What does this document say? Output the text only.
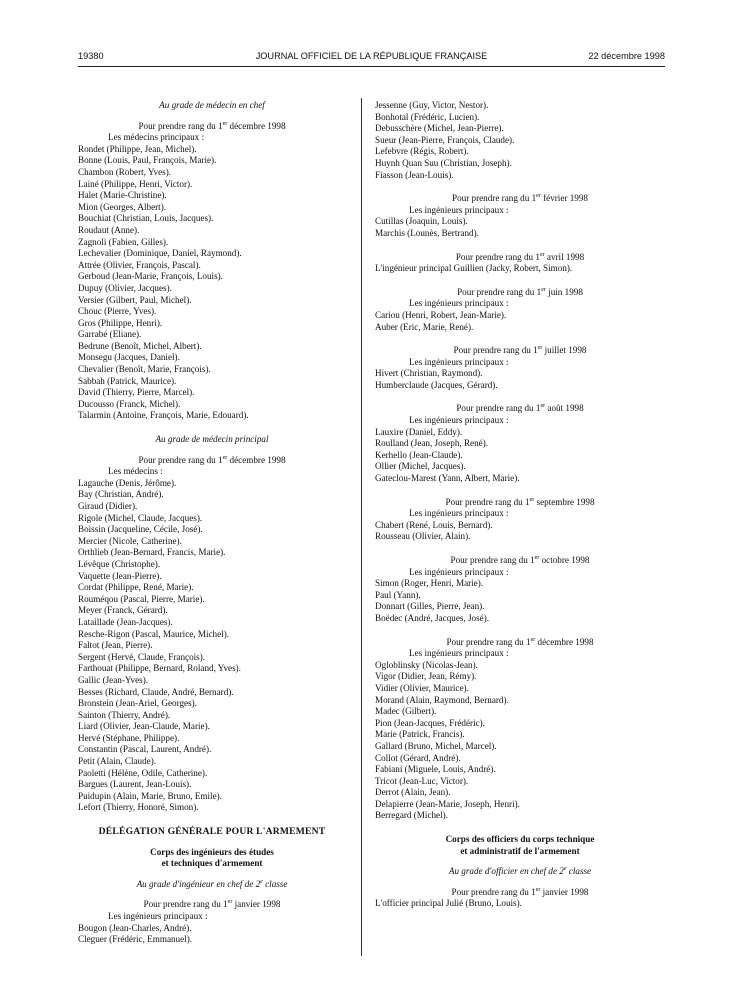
19380	JOURNAL OFFICIEL DE LA RÉPUBLIQUE FRANÇAISE	22 décembre 1998
Au grade de médecin en chef
Pour prendre rang du 1er décembre 1998
Les médecins principaux :
Rondet (Philippe, Jean, Michel).
Bonne (Louis, Paul, François, Marie).
Chambon (Robert, Yves).
Lainé (Philippe, Henri, Victor).
Halet (Marie-Christine).
Mion (Georges, Albert).
Bouchiat (Christian, Louis, Jacques).
Roudaut (Anne).
Zagnoli (Fabien, Gilles).
Lechevalier (Dominique, Daniel, Raymond).
Attrée (Olivier, François, Pascal).
Gerboud (Jean-Marie, François, Louis).
Dupuy (Olivier, Jacques).
Versier (Gilbert, Paul, Michel).
Chouc (Pierre, Yves).
Gros (Philippe, Henri).
Garrabé (Eliane).
Bedrune (Benoît, Michel, Albert).
Monsegu (Jacques, Daniel).
Chevalier (Benoît, Marie, François).
Sabbah (Patrick, Maurice).
David (Thierry, Pierre, Marcel).
Ducousso (Franck, Michel).
Talarmin (Antoine, François, Marie, Edouard).
Au grade de médecin principal
Pour prendre rang du 1er décembre 1998
Les médecins :
Lagauche (Denis, Jérôme).
Bay (Christian, André).
Giraud (Didier).
Rigole (Michel, Claude, Jacques).
Boissin (Jacqueline, Cécile, José).
Mercier (Nicole, Catherine).
Orthlieb (Jean-Bernard, Francis, Marie).
Lévêque (Christophe).
Vaquette (Jean-Pierre).
Cordat (Philippe, René, Marie).
Rouméqou (Pascal, Pierre, Marie).
Meyer (Franck, Gérard).
Lataillade (Jean-Jacques).
Resche-Rigon (Pascal, Maurice, Michel).
Faltot (Jean, Pierre).
Sergent (Hervé, Claude, François).
Farthouat (Philippe, Bernard, Roland, Yves).
Gallic (Jean-Yves).
Besses (Richard, Claude, André, Bernard).
Bronstein (Jean-Ariel, Georges).
Sainton (Thierry, André).
Liard (Olivier, Jean-Claude, Marie).
Hervé (Stéphane, Philippe).
Constantin (Pascal, Laurent, André).
Petit (Alain, Claude).
Paoletti (Hélène, Odile, Catherine).
Bargues (Laurent, Jean-Louis).
Puidupin (Alain, Marie, Bruno, Emile).
Lefort (Thierry, Honoré, Simon).
DÉLÉGATION GÉNÉRALE POUR L'ARMEMENT
Corps des ingénieurs des études
et techniques d'armement
Au grade d'ingénieur en chef de 2e classe
Pour prendre rang du 1er janvier 1998
Les ingénieurs principaux :
Bougon (Jean-Charles, André).
Cleguer (Frédéric, Emmanuel).
Jessenne (Guy, Victor, Nestor).
Bonhotal (Frédéric, Lucien).
Debusschère (Michel, Jean-Pierre).
Sueur (Jean-Pierre, François, Claude).
Lefebvre (Régis, Robert).
Huynh Quan Suu (Christian, Joseph).
Fiasson (Jean-Louis).
Pour prendre rang du 1er février 1998
Les ingénieurs principaux :
Cutillas (Joaquin, Louis).
Marchis (Lounès, Bertrand).
Pour prendre rang du 1er avril 1998
L'ingénieur principal Guillien (Jacky, Robert, Simon).
Pour prendre rang du 1er juin 1998
Les ingénieurs principaux :
Cariou (Henri, Robert, Jean-Marie).
Auber (Eric, Marie, René).
Pour prendre rang du 1er juillet 1998
Les ingénieurs principaux :
Hivert (Christian, Raymond).
Humberclaude (Jacques, Gérard).
Pour prendre rang du 1er août 1998
Les ingénieurs principaux :
Lauxire (Daniel, Eddy).
Roulland (Jean, Joseph, René).
Kerhello (Jean-Claude).
Ollier (Michel, Jacques).
Gateclou-Marest (Yann, Albert, Marie).
Pour prendre rang du 1er septembre 1998
Les ingénieurs principaux :
Chabert (René, Louis, Bernard).
Rousseau (Olivier, Alain).
Pour prendre rang du 1er octobre 1998
Les ingénieurs principaux :
Simon (Roger, Henri, Marie).
Paul (Yann).
Donnart (Gilles, Pierre, Jean).
Boëdec (André, Jacques, José).
Pour prendre rang du 1er décembre 1998
Les ingénieurs principaux :
Ogloblinsky (Nicolas-Jean).
Vigor (Didier, Jean, Rémy).
Vidier (Olivier, Maurice).
Morand (Alain, Raymond, Bernard).
Madec (Gilbert).
Pion (Jean-Jacques, Frédéric).
Marie (Patrick, Francis).
Gallard (Bruno, Michel, Marcel).
Collot (Gérard, André).
Fabiani (Miguele, Louis, André).
Tricot (Jean-Luc, Victor).
Derrot (Alain, Jean).
Delapierre (Jean-Marie, Joseph, Henri).
Berregard (Michel).
Corps des officiers du corps technique
et administratif de l'armement
Au grade d'officier en chef de 2e classe
Pour prendre rang du 1er janvier 1998
L'officier principal Julié (Bruno, Louis).
